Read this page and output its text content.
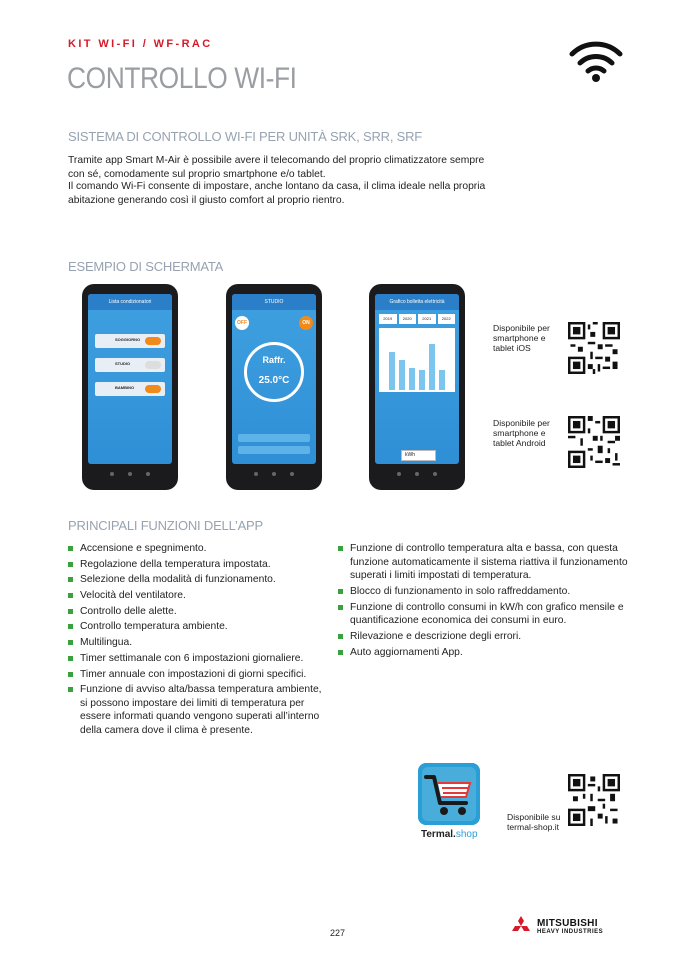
KIT WI-FI / WF-RAC
CONTROLLO WI-FI
SISTEMA DI CONTROLLO WI-FI PER UNITÀ SRK, SRR, SRF
Tramite app Smart M-Air è possibile avere il telecomando del proprio climatizzatore sempre con sé, comodamente sul proprio smartphone e/o tablet.
Il comando Wi-Fi consente di impostare, anche lontano da casa, il clima ideale nella propria abitazione generando così il giusto comfort al proprio rientro.
ESEMPIO DI SCHERMATA
Lista condizionatori
SOGGIORNO
STUDIO
BAMBINO
STUDIO
OFF	ON
Raffr.
25.0°C
Grafico bolletta elettricità
2019	2020	2021	2022
kWh
Disponibile per smartphone e tablet iOS
Disponibile per smartphone e tablet Android
PRINCIPALI FUNZIONI DELL’APP
Accensione e spegnimento.
Regolazione della temperatura impostata.
Selezione della modalità di funzionamento.
Velocità del ventilatore.
Controllo delle alette.
Controllo temperatura ambiente.
Multilingua.
Timer settimanale con 6 impostazioni giornaliere.
Timer annuale con impostazioni di giorni specifici.
Funzione di avviso alta/bassa temperatura ambiente, si possono impostare dei limiti di temperatura per essere informati quando vengono superati all’interno della camera dove il clima è presente.
Funzione di controllo temperatura alta e bassa, con questa funzione automaticamente il sistema riattiva il funzionamento superati i limiti impostati di temperatura.
Blocco di funzionamento in solo raffreddamento.
Funzione di controllo consumi in kW/h con grafico mensile e quantificazione economica dei consumi in euro.
Rilevazione e descrizione degli errori.
Auto aggiornamenti App.
Termal.shop
Disponibile su termal-shop.it
227
MITSUBISHI
HEAVY INDUSTRIES
